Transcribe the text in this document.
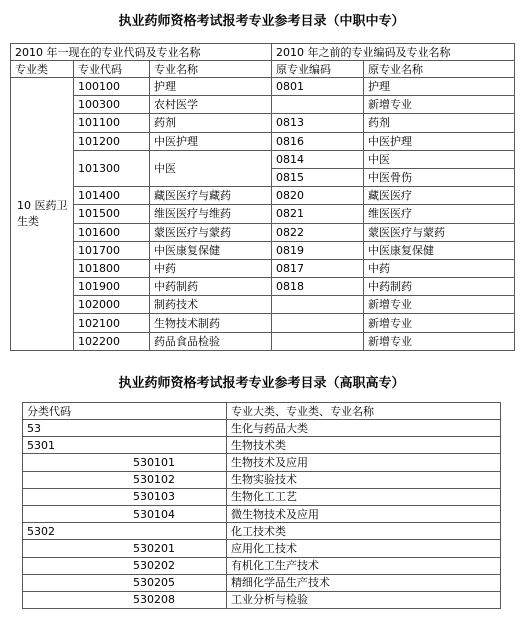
执业药师资格考试报考专业参考目录（中职中专）
2010 年一现在的专业代码及专业名称			2010 年之前的专业编码及专业名称	
专业类	专业代码	专业名称	原专业编码	原专业名称
10 医药卫生类	100100	护理	0801	护理
	100300	农村医学		新增专业
	101100	药剂	0813	药剂
	101200	中医护理	0816	中医护理
	101300	中医	0814	中医
			0815	中医骨伤
	101400	藏医医疗与藏药	0820	藏医医疗
	101500	维医医疗与维药	0821	维医医疗
	101600	蒙医医疗与蒙药	0822	蒙医医疗与蒙药
	101700	中医康复保健	0819	中医康复保健
	101800	中药	0817	中药
	101900	中药制药	0818	中药制药
	102000	制药技术		新增专业
	102100	生物技术制药		新增专业
	102200	药品食品检验		新增专业
执业药师资格考试报考专业参考目录（高职高专）
分类代码	专业大类、专业类、专业名称
53	生化与药品大类
5301	生物技术类
530101	生物技术及应用
530102	生物实验技术
530103	生物化工工艺
530104	微生物技术及应用
5302	化工技术类
530201	应用化工技术
530202	有机化工生产技术
530205	精细化学品生产技术
530208	工业分析与检验
